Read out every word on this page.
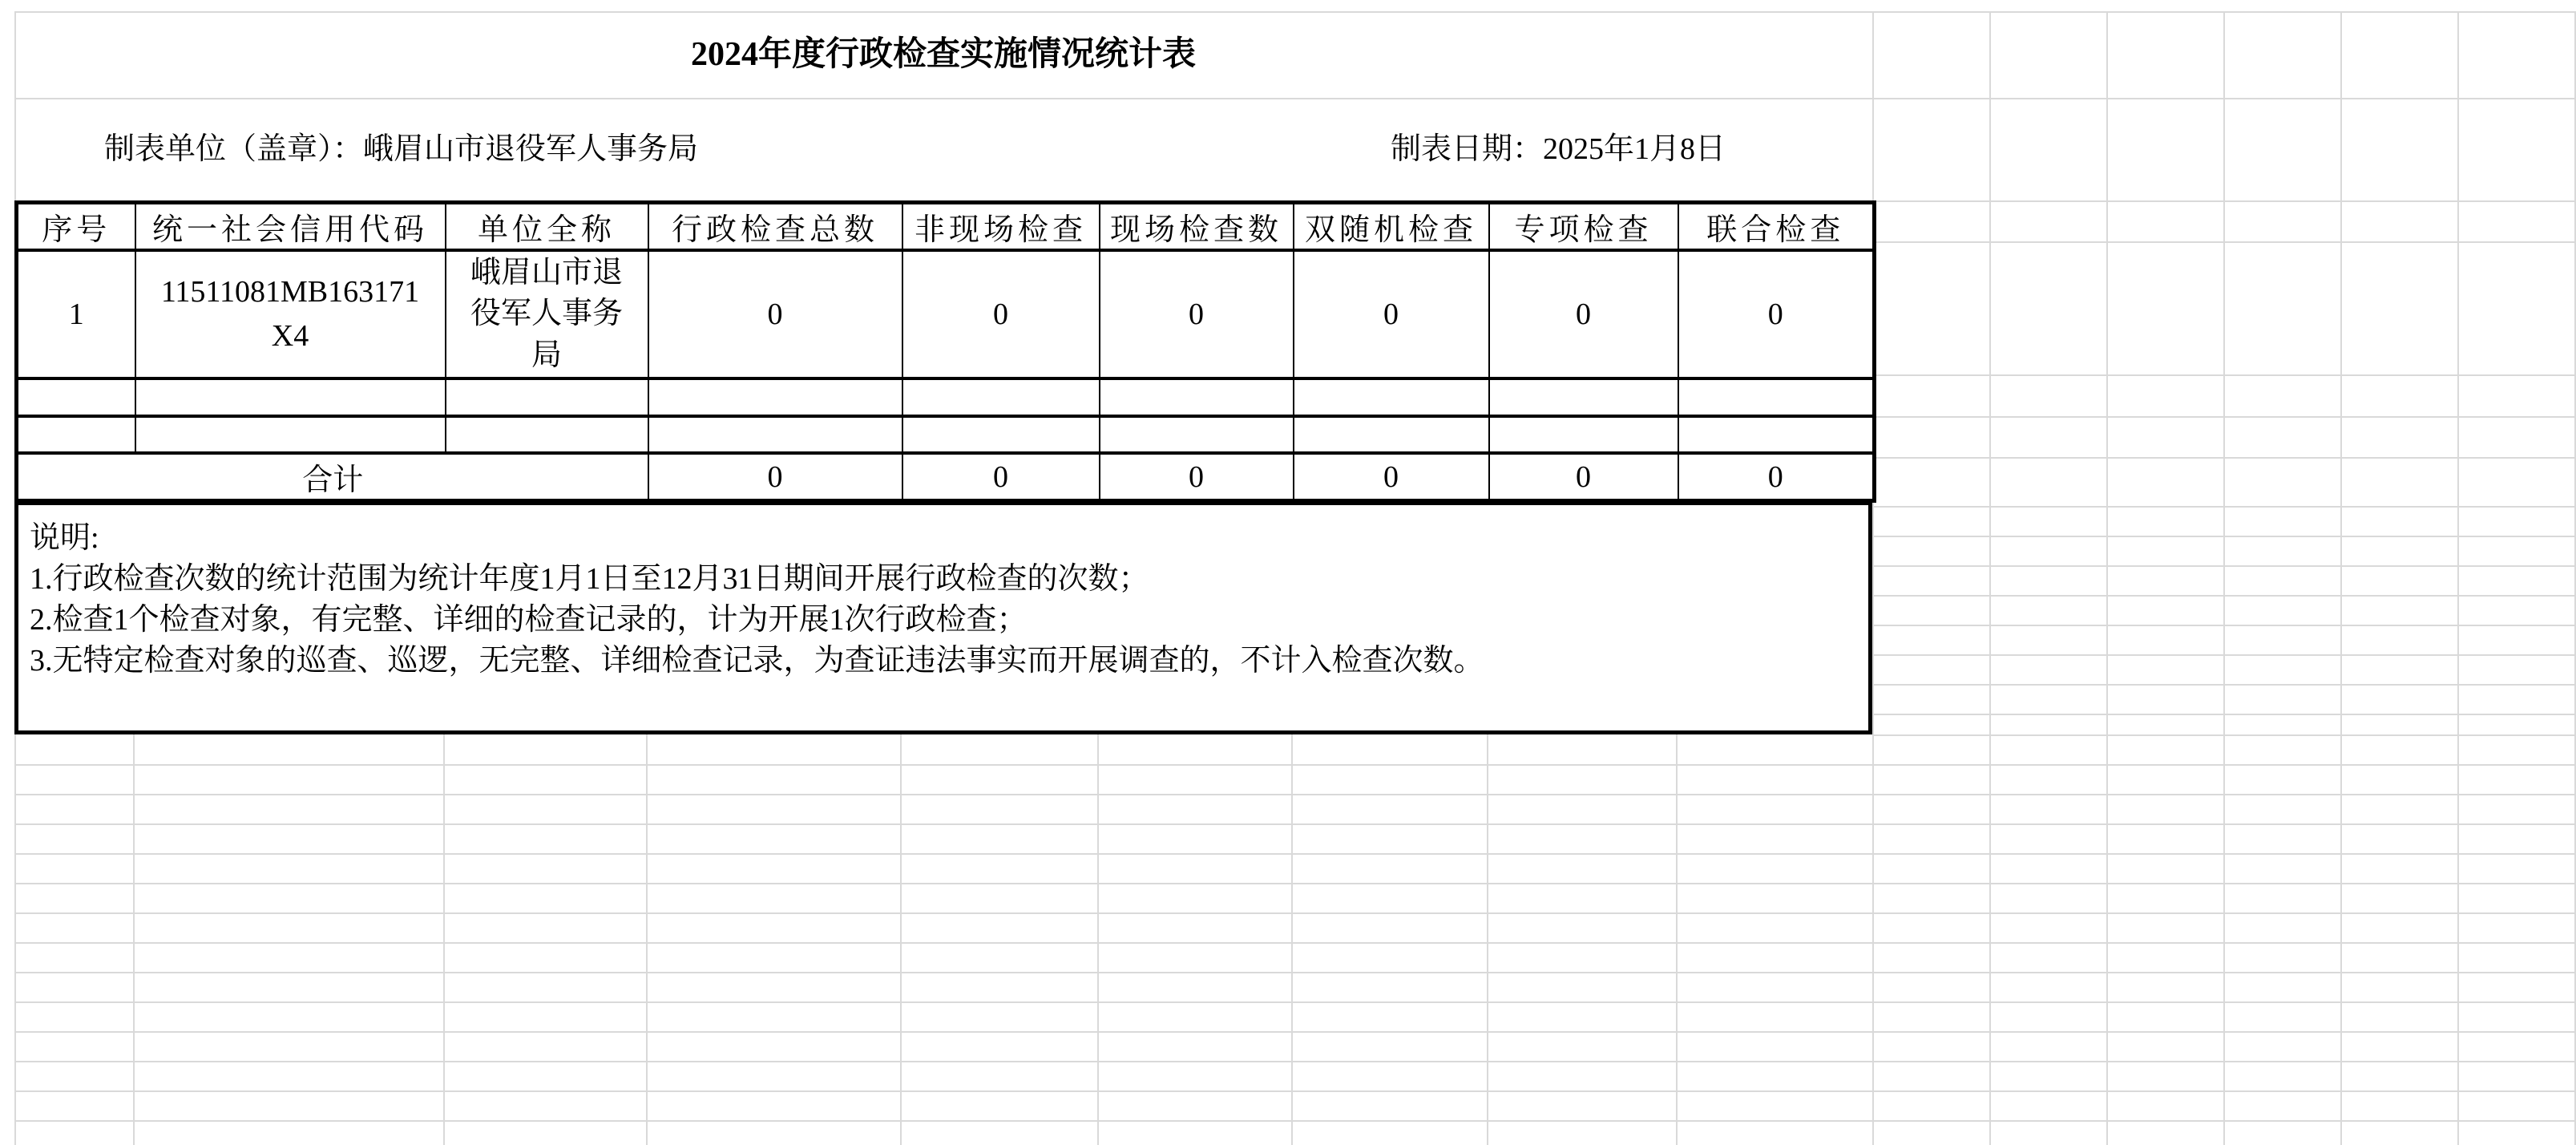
2024年度行政检查实施情况统计表
制表单位（盖章）：峨眉山市退役军人事务局	制表日期：2025年1月8日
序号	统一社会信用代码	单位全称	行政检查总数	非现场检查	现场检查数	双随机检查	专项检查	联合检查
1	11511081MB163171X4	峨眉山市退役军人事务局	0	0	0	0	0	0

合计			0	0	0	0	0	0
说明:
1.行政检查次数的统计范围为统计年度1月1日至12月31日期间开展行政检查的次数；
2.检查1个检查对象，有完整、详细的检查记录的，计为开展1次行政检查；
3.无特定检查对象的巡查、巡逻，无完整、详细检查记录，为查证违法事实而开展调查的，不计入检查次数。
